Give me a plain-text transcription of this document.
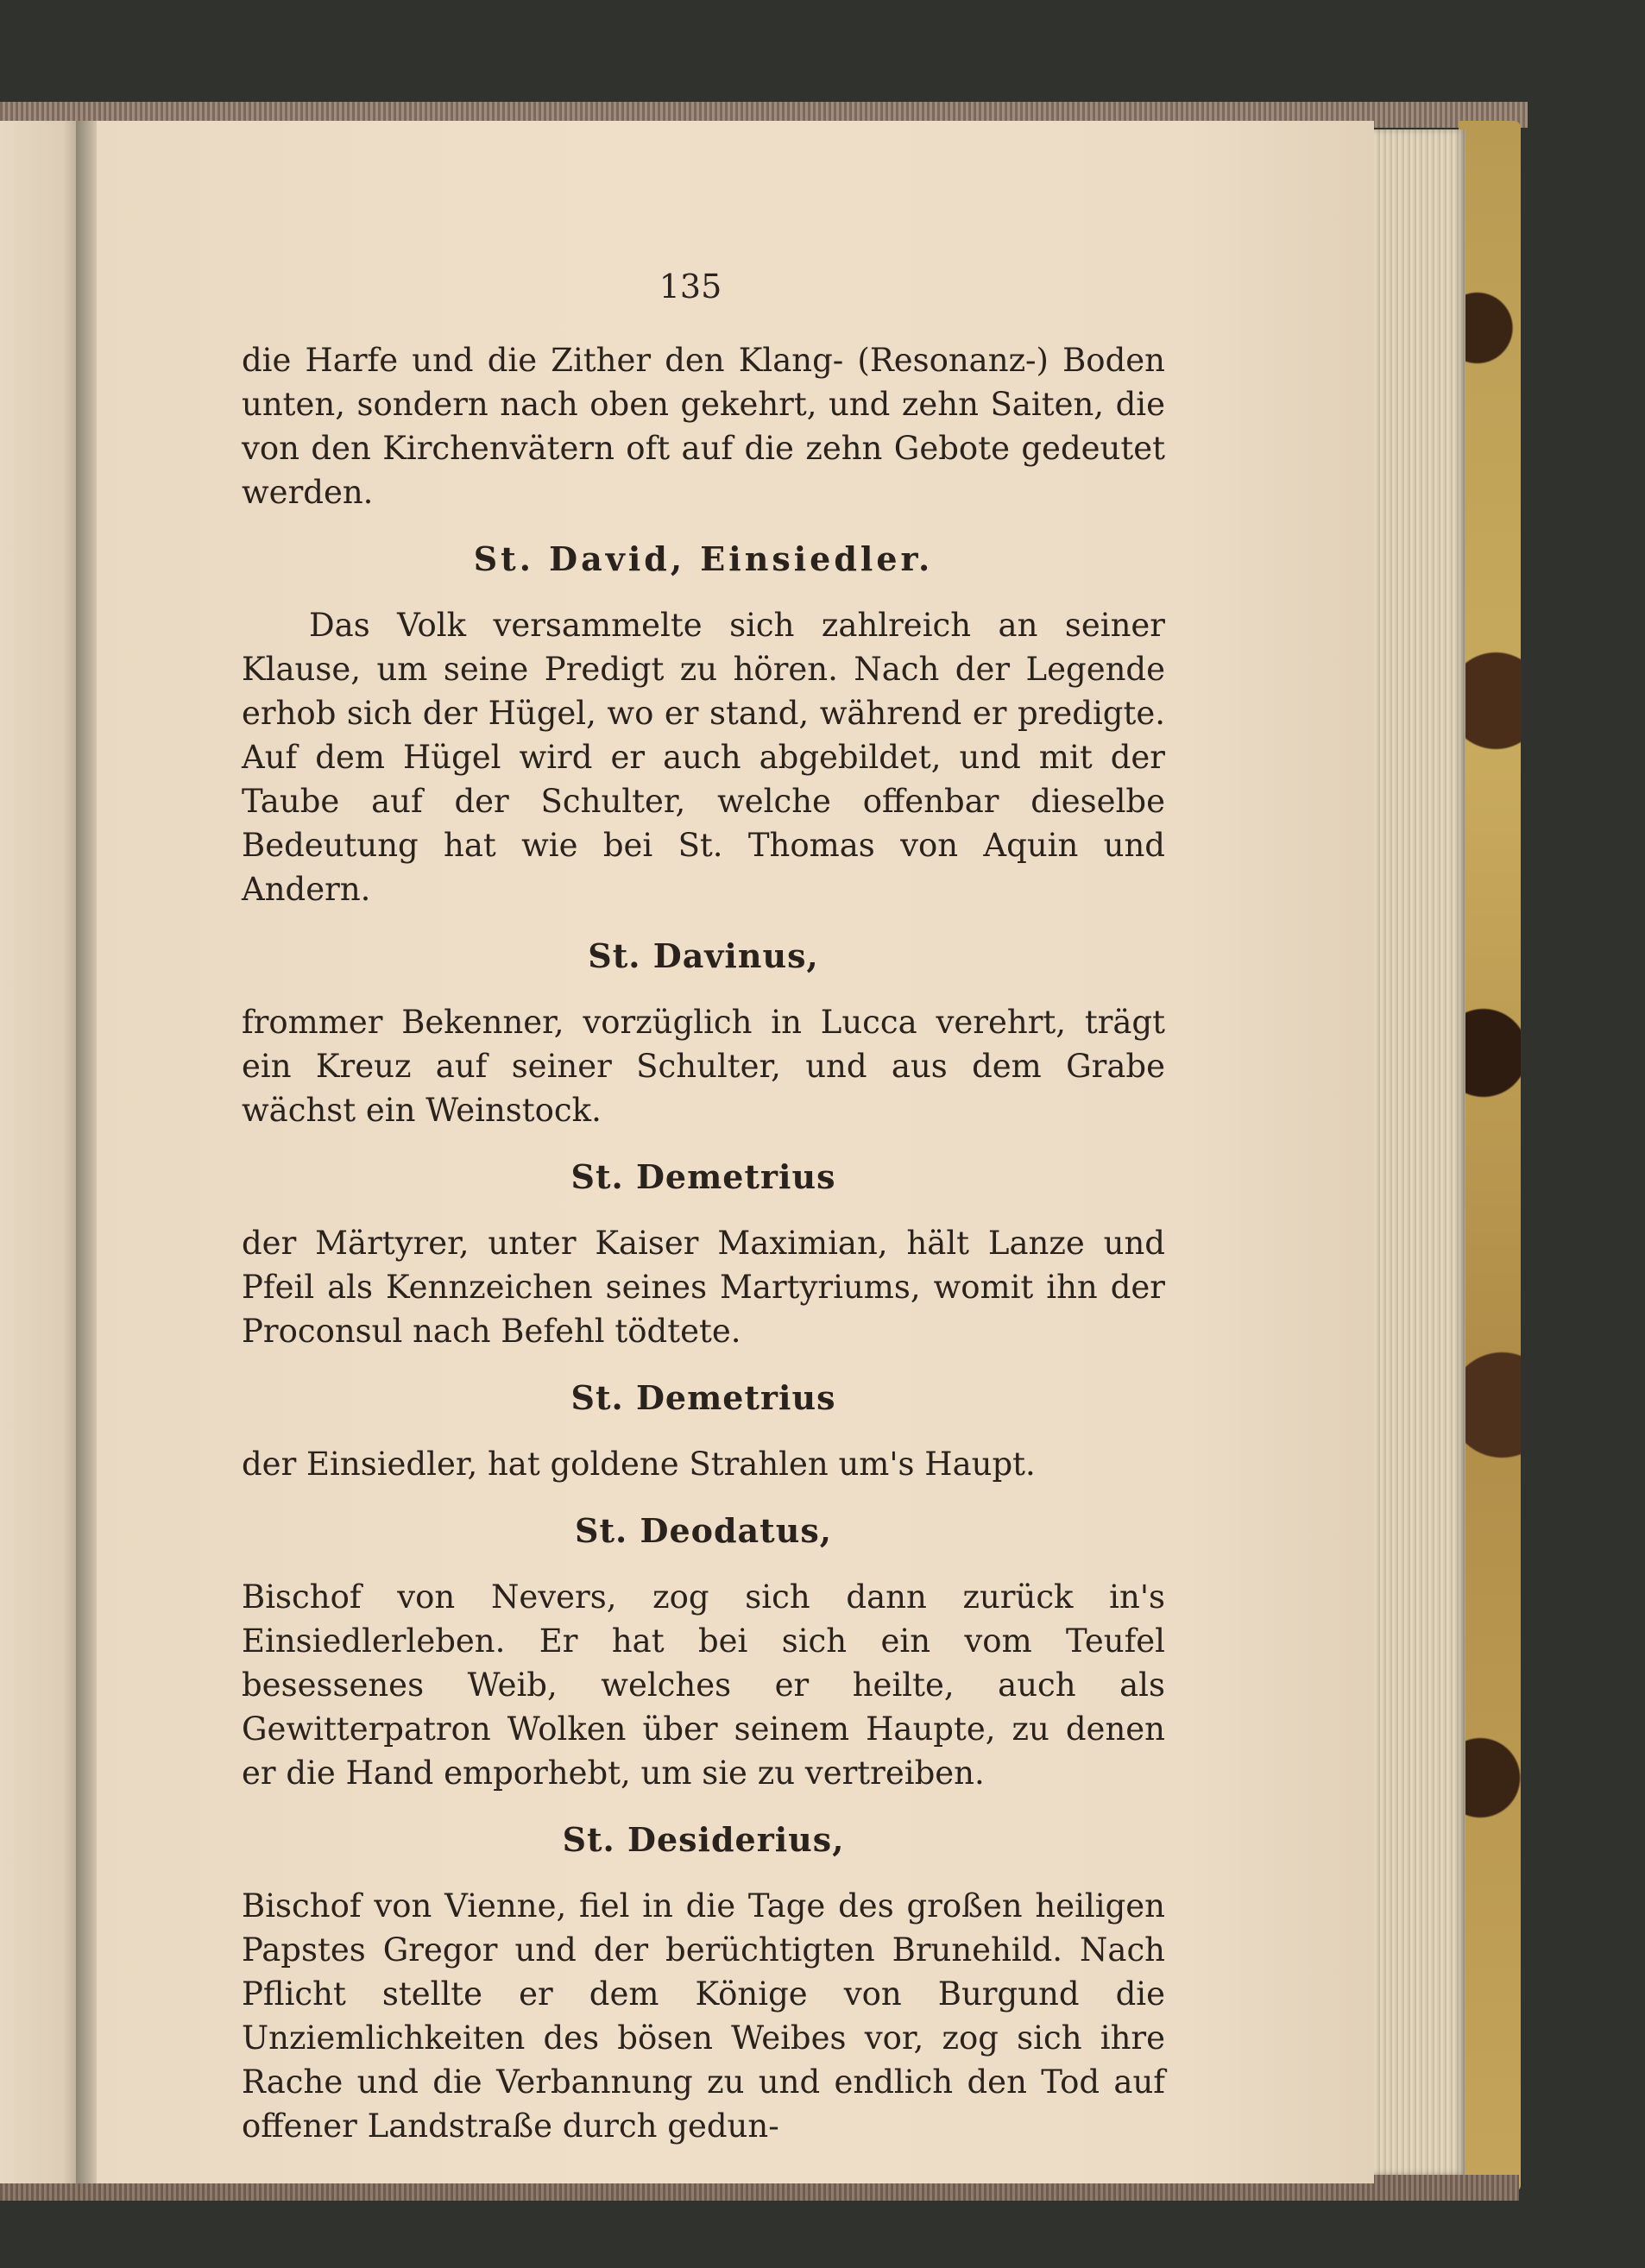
135

die Harfe und die Zither den Klang- (Resonanz-) Boden unten, sondern nach oben gekehrt, und zehn Saiten, die von den Kirchenvätern oft auf die zehn Gebote gedeutet werden.

St. David, Einsiedler.

Das Volk versammelte sich zahlreich an seiner Klause, um seine Predigt zu hören. Nach der Legende erhob sich der Hügel, wo er stand, während er predigte. Auf dem Hügel wird er auch abgebildet, und mit der Taube auf der Schulter, welche offenbar dieselbe Bedeutung hat wie bei St. Thomas von Aquin und Andern.

St. Davinus,

frommer Bekenner, vorzüglich in Lucca verehrt, trägt ein Kreuz auf seiner Schulter, und aus dem Grabe wächst ein Weinstock.

St. Demetrius

der Märtyrer, unter Kaiser Maximian, hält Lanze und Pfeil als Kennzeichen seines Martyriums, womit ihn der Proconsul nach Befehl tödtete.

St. Demetrius

der Einsiedler, hat goldene Strahlen um's Haupt.

St. Deodatus,

Bischof von Nevers, zog sich dann zurück in's Einsiedlerleben. Er hat bei sich ein vom Teufel besessenes Weib, welches er heilte, auch als Gewitterpatron Wolken über seinem Haupte, zu denen er die Hand emporhebt, um sie zu vertreiben.

St. Desiderius,

Bischof von Vienne, fiel in die Tage des großen heiligen Papstes Gregor und der berüchtigten Brunehild. Nach Pflicht stellte er dem Könige von Burgund die Unziemlichkeiten des bösen Weibes vor, zog sich ihre Rache und die Verbannung zu und endlich den Tod auf offener Landstraße durch gedun-
